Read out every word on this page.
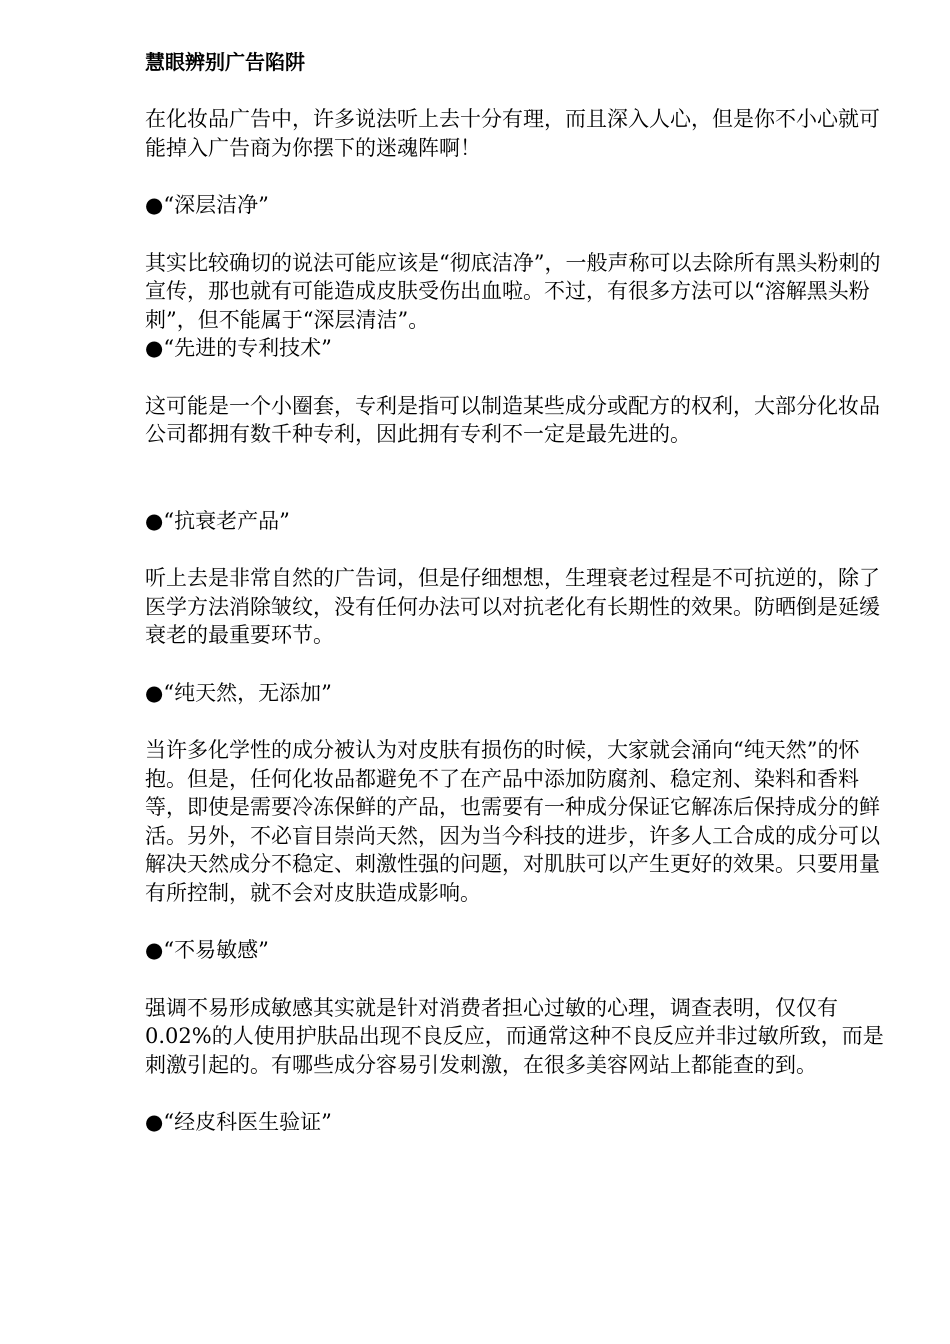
慧眼辨别广告陷阱
在化妆品广告中，许多说法听上去十分有理，而且深入人心，但是你不小心就可能掉入广告商为你摆下的迷魂阵啊！
●“深层洁净”
其实比较确切的说法可能应该是“彻底洁净”，一般声称可以去除所有黑头粉刺的宣传，那也就有可能造成皮肤受伤出血啦。不过，有很多方法可以“溶解黑头粉刺”，但不能属于“深层清洁”。
●“先进的专利技术”
这可能是一个小圈套，专利是指可以制造某些成分或配方的权利，大部分化妆品公司都拥有数千种专利，因此拥有专利不一定是最先进的。
●“抗衰老产品”
听上去是非常自然的广告词，但是仔细想想，生理衰老过程是不可抗逆的，除了医学方法消除皱纹，没有任何办法可以对抗老化有长期性的效果。防晒倒是延缓衰老的最重要环节。
●“纯天然，无添加”
当许多化学性的成分被认为对皮肤有损伤的时候，大家就会涌向“纯天然”的怀抱。但是，任何化妆品都避免不了在产品中添加防腐剂、稳定剂、染料和香料等，即使是需要冷冻保鲜的产品，也需要有一种成分保证它解冻后保持成分的鲜活。另外，不必盲目崇尚天然，因为当今科技的进步，许多人工合成的成分可以解决天然成分不稳定、刺激性强的问题，对肌肤可以产生更好的效果。只要用量有所控制，就不会对皮肤造成影响。
●“不易敏感”
强调不易形成敏感其实就是针对消费者担心过敏的心理，调查表明，仅仅有 0.02%的人使用护肤品出现不良反应，而通常这种不良反应并非过敏所致，而是刺激引起的。有哪些成分容易引发刺激，在很多美容网站上都能查的到。
●“经皮科医生验证”
